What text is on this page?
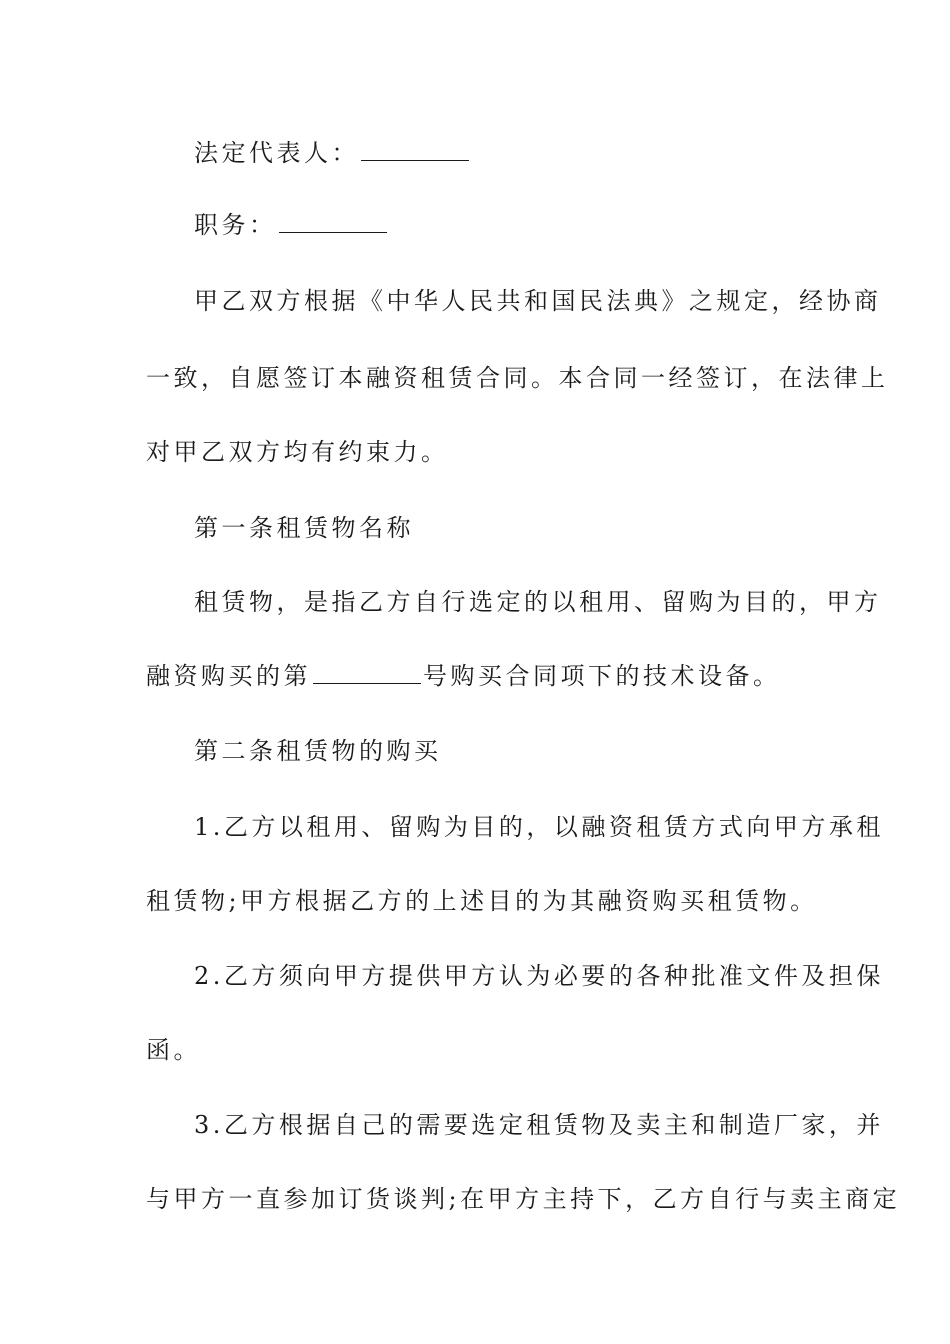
法定代表人：
职务：
甲乙双方根据《中华人民共和国民法典》之规定，经协商
一致，自愿签订本融资租赁合同。本合同一经签订，在法律上
对甲乙双方均有约束力。
第一条租赁物名称
租赁物，是指乙方自行选定的以租用、留购为目的，甲方
融资购买的第	号购买合同项下的技术设备。
第二条租赁物的购买
1.乙方以租用、留购为目的，以融资租赁方式向甲方承租
租赁物;甲方根据乙方的上述目的为其融资购买租赁物。
2.乙方须向甲方提供甲方认为必要的各种批准文件及担保
函。
3.乙方根据自己的需要选定租赁物及卖主和制造厂家，并
与甲方一直参加订货谈判;在甲方主持下，乙方自行与卖主商定
